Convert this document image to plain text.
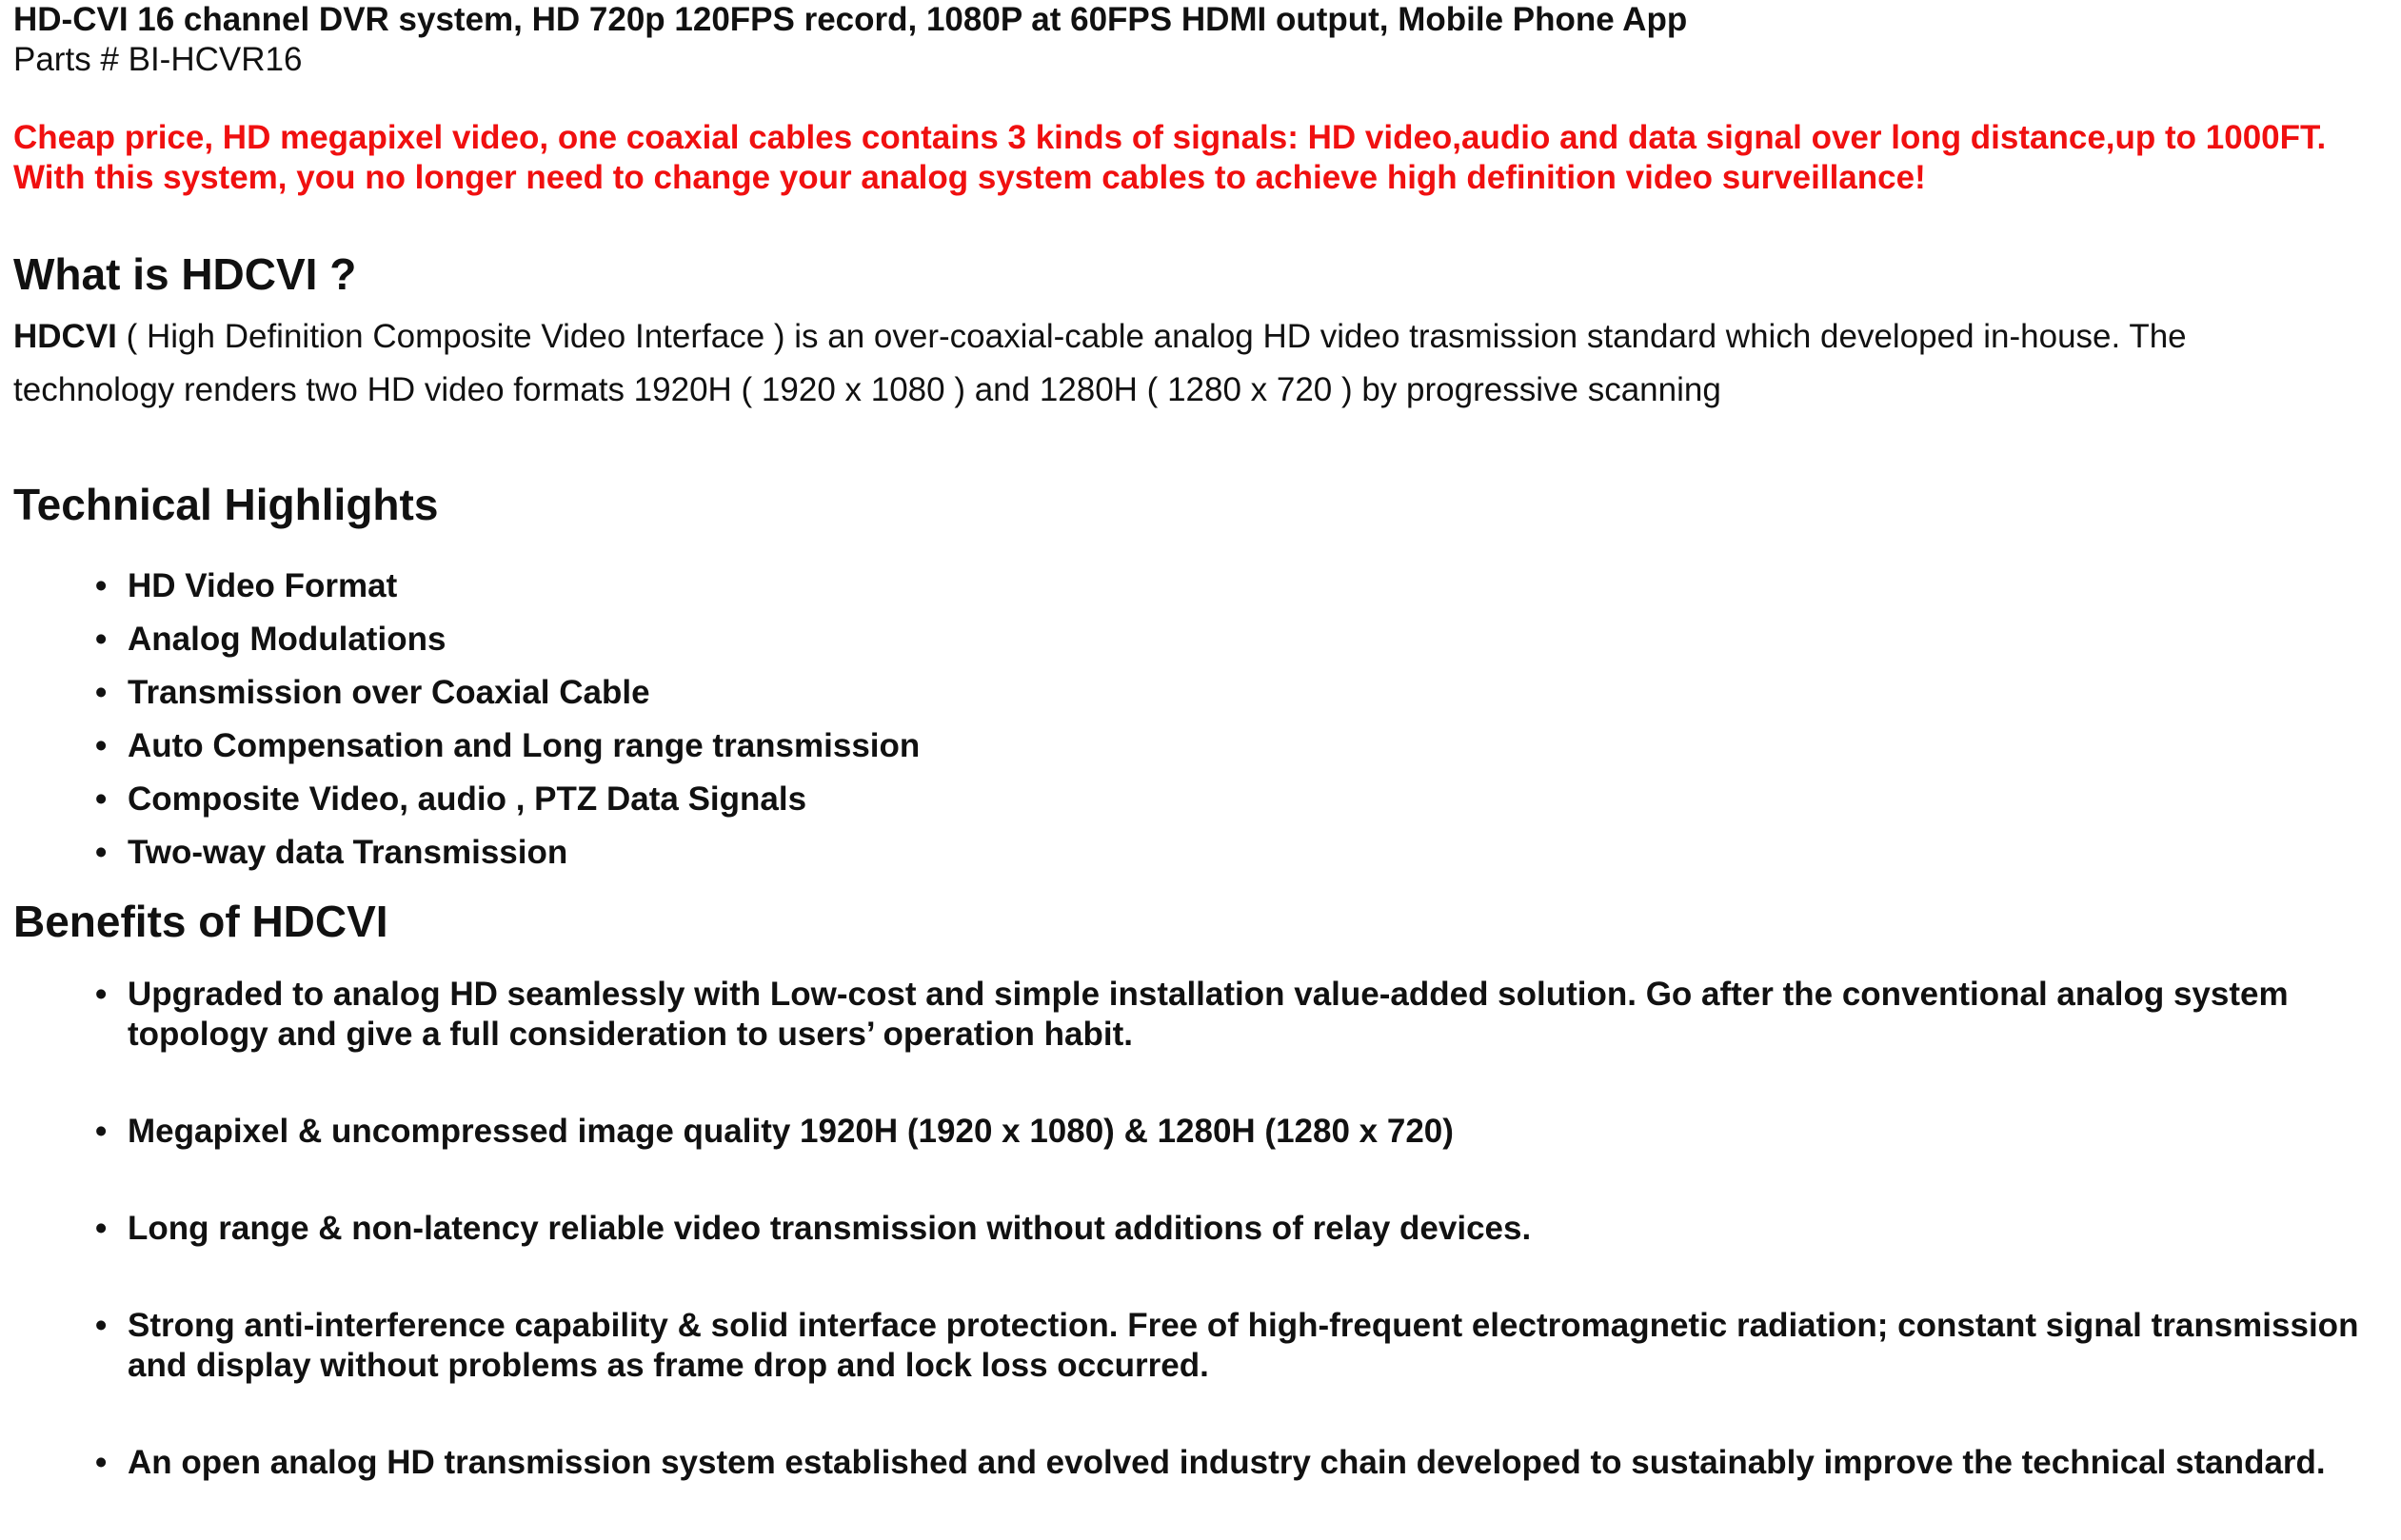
HD-CVI 16 channel DVR system, HD 720p 120FPS record, 1080P at 60FPS HDMI output, Mobile Phone App

Parts # BI-HCVR16

Cheap price, HD megapixel video, one coaxial cables contains 3 kinds of signals: HD video,audio and data signal over long distance,up to 1000FT. With this system, you no longer need to change your analog system cables to achieve high definition video surveillance!

What is HDCVI ?

HDCVI ( High Definition Composite Video Interface ) is an over-coaxial-cable analog HD video trasmission standard which developed in-house. The technology renders two HD video formats 1920H ( 1920 x 1080 ) and 1280H ( 1280 x 720 ) by progressive scanning

Technical Highlights
• HD Video Format
• Analog Modulations
• Transmission over Coaxial Cable
• Auto Compensation and Long range transmission
• Composite Video, audio , PTZ Data Signals
• Two-way data Transmission
Benefits of HDCVI
• Upgraded to analog HD seamlessly with Low-cost and simple installation value-added solution. Go after the conventional analog system topology and give a full consideration to users’ operation habit.
• Megapixel & uncompressed image quality 1920H (1920 x 1080) & 1280H (1280 x 720)
• Long range & non-latency reliable video transmission without additions of relay devices.
• Strong anti-interference capability & solid interface protection. Free of high-frequent electromagnetic radiation; constant signal transmission and display without problems as frame drop and lock loss occurred.
• An open analog HD transmission system established and evolved industry chain developed to sustainably improve the technical standard.
